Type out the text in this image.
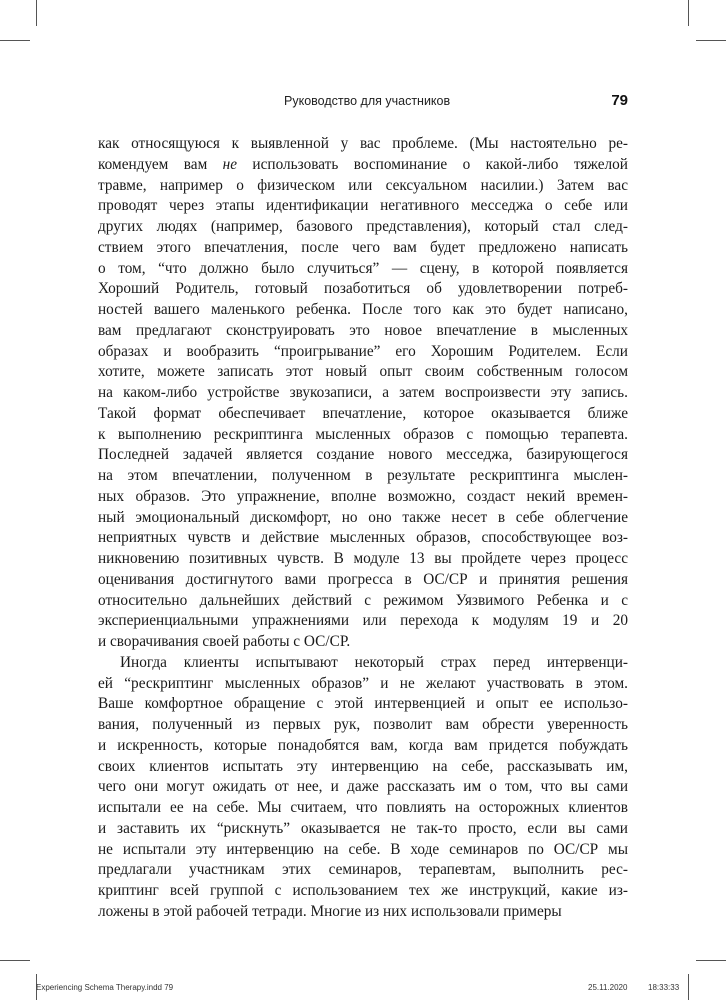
Руководство для участников	79

как относящуюся к выявленной у вас проблеме. (Мы настоятельно ре-
комендуем вам не использовать воспоминание о какой-либо тяжелой
травме, например о физическом или сексуальном насилии.) Затем вас
проводят через этапы идентификации негативного месседжа о себе или
других людях (например, базового представления), который стал след-
ствием этого впечатления, после чего вам будет предложено написать
о том, “что должно было случиться” — сцену, в которой появляется
Хороший Родитель, готовый позаботиться об удовлетворении потреб-
ностей вашего маленького ребенка. После того как это будет написано,
вам предлагают сконструировать это новое впечатление в мысленных
образах и вообразить “проигрывание” его Хорошим Родителем. Если
хотите, можете записать этот новый опыт своим собственным голосом
на каком-либо устройстве звукозаписи, а затем воспроизвести эту запись.
Такой формат обеспечивает впечатление, которое оказывается ближе
к выполнению рескриптинга мысленных образов с помощью терапевта.
Последней задачей является создание нового месседжа, базирующегося
на этом впечатлении, полученном в результате рескриптинга мыслен-
ных образов. Это упражнение, вполне возможно, создаст некий времен-
ный эмоциональный дискомфорт, но оно также несет в себе облегчение
неприятных чувств и действие мысленных образов, способствующее воз-
никновению позитивных чувств. В модуле 13 вы пройдете через процесс
оценивания достигнутого вами прогресса в ОС/СР и принятия решения
относительно дальнейших действий с режимом Уязвимого Ребенка и с
экспериенциальными упражнениями или перехода к модулям 19 и 20
и сворачивания своей работы с ОС/СР.

Иногда клиенты испытывают некоторый страх перед интервенци-
ей “рескриптинг мысленных образов” и не желают участвовать в этом.
Ваше комфортное обращение с этой интервенцией и опыт ее использо-
вания, полученный из первых рук, позволит вам обрести уверенность
и искренность, которые понадобятся вам, когда вам придется побуждать
своих клиентов испытать эту интервенцию на себе, рассказывать им,
чего они могут ожидать от нее, и даже рассказать им о том, что вы сами
испытали ее на себе. Мы считаем, что повлиять на осторожных клиентов
и заставить их “рискнуть” оказывается не так-то просто, если вы сами
не испытали эту интервенцию на себе. В ходе семинаров по ОС/СР мы
предлагали участникам этих семинаров, терапевтам, выполнить рес-
криптинг всей группой с использованием тех же инструкций, какие из-
ложены в этой рабочей тетради. Многие из них использовали примеры

Experiencing Schema Therapy.indd 79	25.11.2020	18:33:33
